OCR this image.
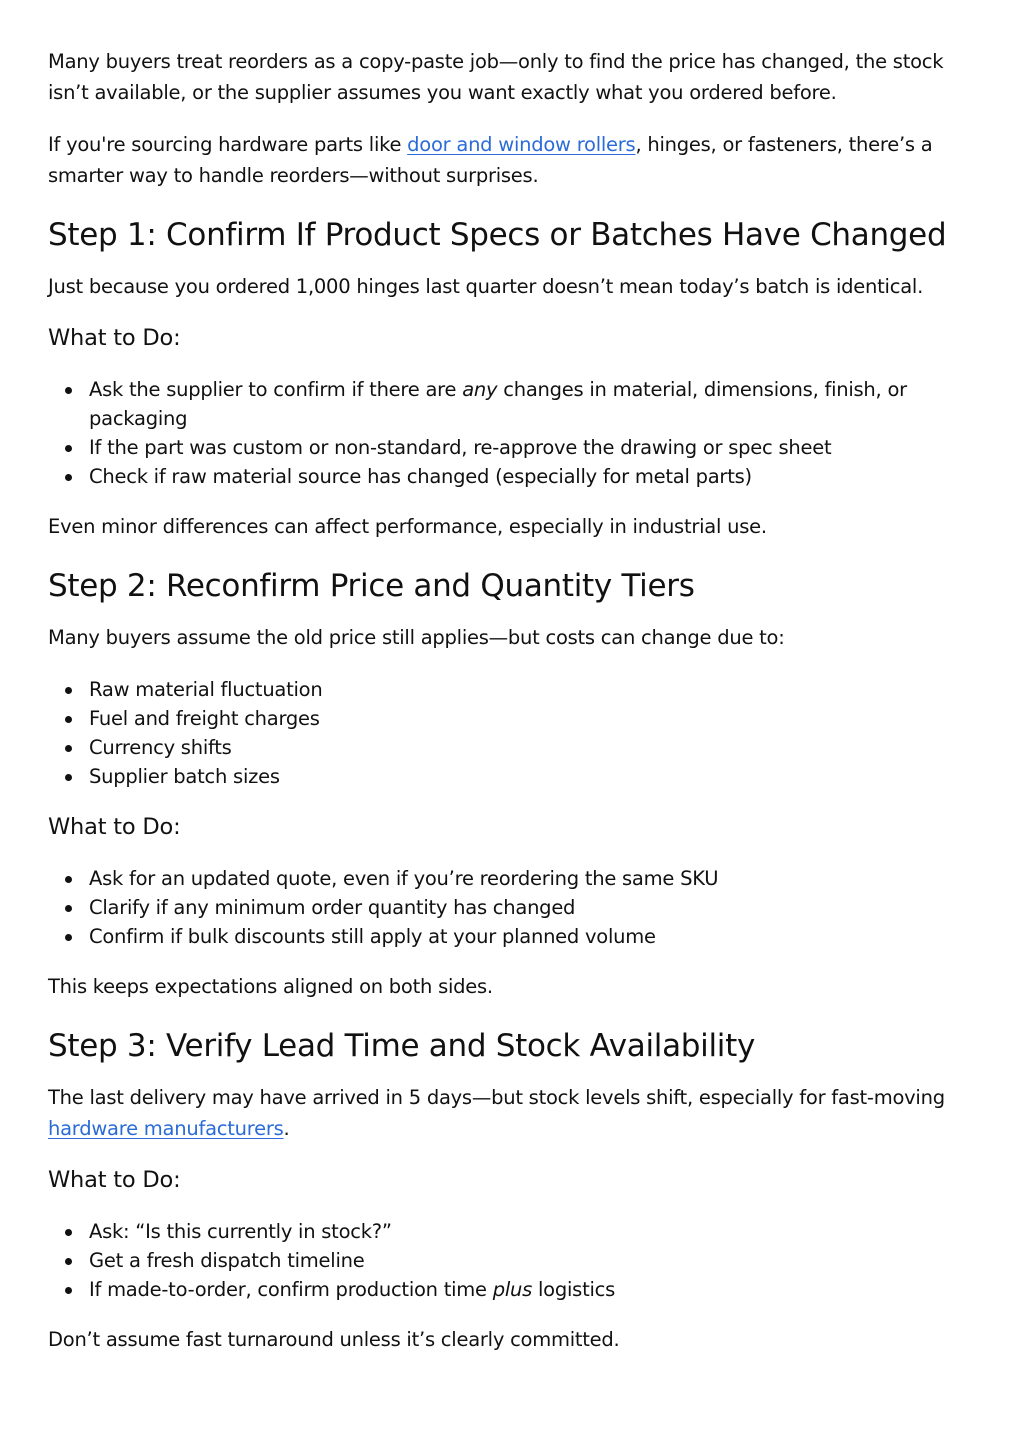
Many buyers treat reorders as a copy-paste job—only to find the price has changed, the stock isn’t available, or the supplier assumes you want exactly what you ordered before.

If you're sourcing hardware parts like door and window rollers, hinges, or fasteners, there’s a smarter way to handle reorders—without surprises.

Step 1: Confirm If Product Specs or Batches Have Changed

Just because you ordered 1,000 hinges last quarter doesn’t mean today’s batch is identical.

What to Do:
Ask the supplier to confirm if there are any changes in material, dimensions, finish, or packaging
If the part was custom or non-standard, re-approve the drawing or spec sheet
Check if raw material source has changed (especially for metal parts)

Even minor differences can affect performance, especially in industrial use.

Step 2: Reconfirm Price and Quantity Tiers

Many buyers assume the old price still applies—but costs can change due to:

Raw material fluctuation
Fuel and freight charges
Currency shifts
Supplier batch sizes
What to Do:
Ask for an updated quote, even if you’re reordering the same SKU
Clarify if any minimum order quantity has changed
Confirm if bulk discounts still apply at your planned volume

This keeps expectations aligned on both sides.

Step 3: Verify Lead Time and Stock Availability

The last delivery may have arrived in 5 days—but stock levels shift, especially for fast-moving hardware manufacturers.

What to Do:
Ask: “Is this currently in stock?”
Get a fresh dispatch timeline
If made-to-order, confirm production time plus logistics

Don’t assume fast turnaround unless it’s clearly committed.
